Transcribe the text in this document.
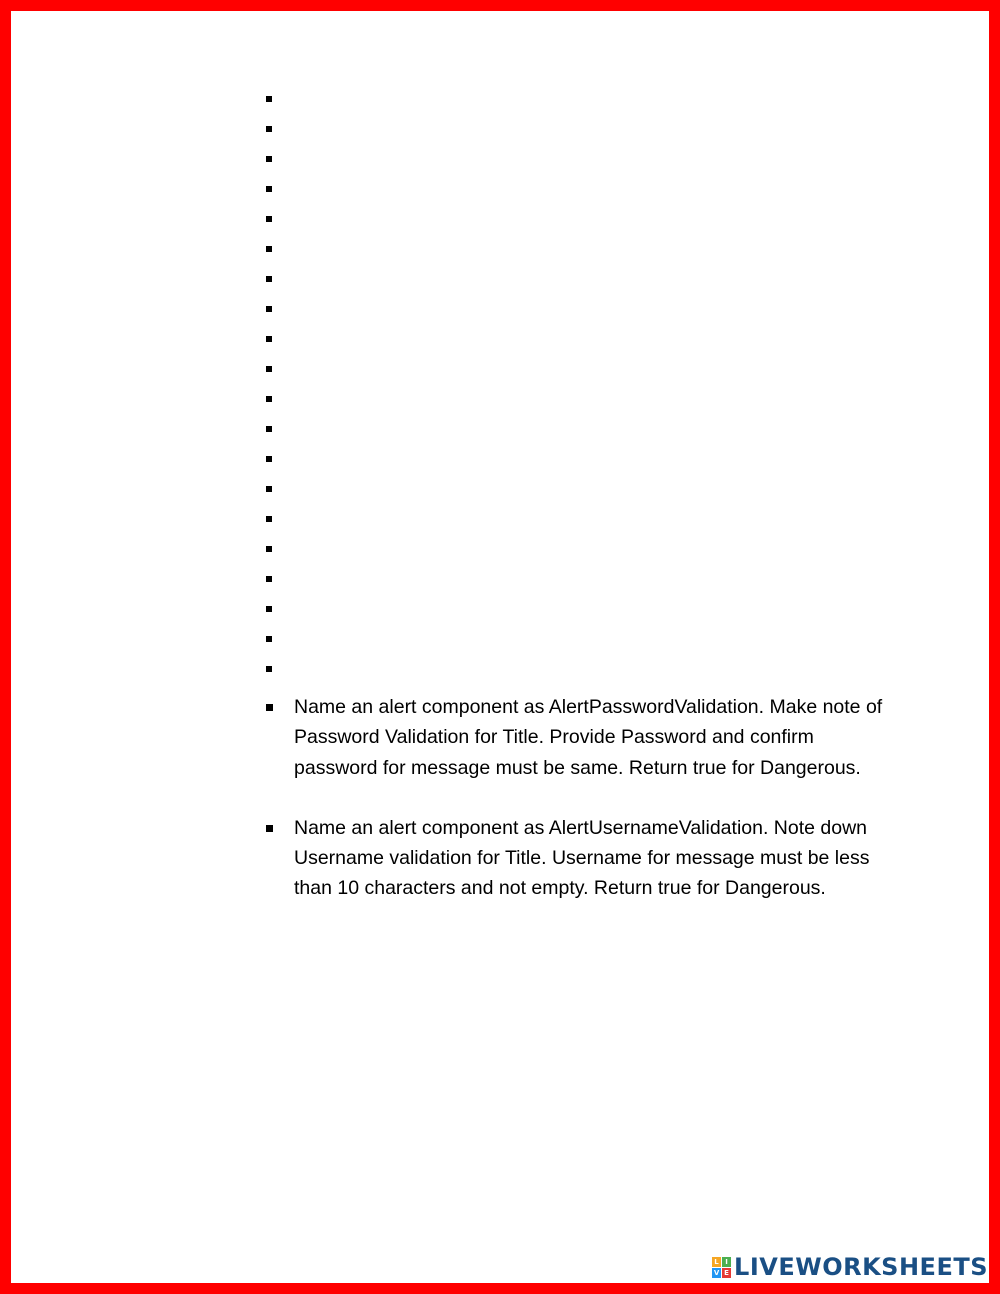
Name an alert component as AlertPasswordValidation. Make note of Password Validation for Title. Provide Password and confirm password for message must be same. Return true for Dangerous.
Name an alert component as AlertUsernameValidation. Note down Username validation for Title. Username for message must be less than 10 characters and not empty. Return true for Dangerous.
L I
V E LIVEWORKSHEETS
